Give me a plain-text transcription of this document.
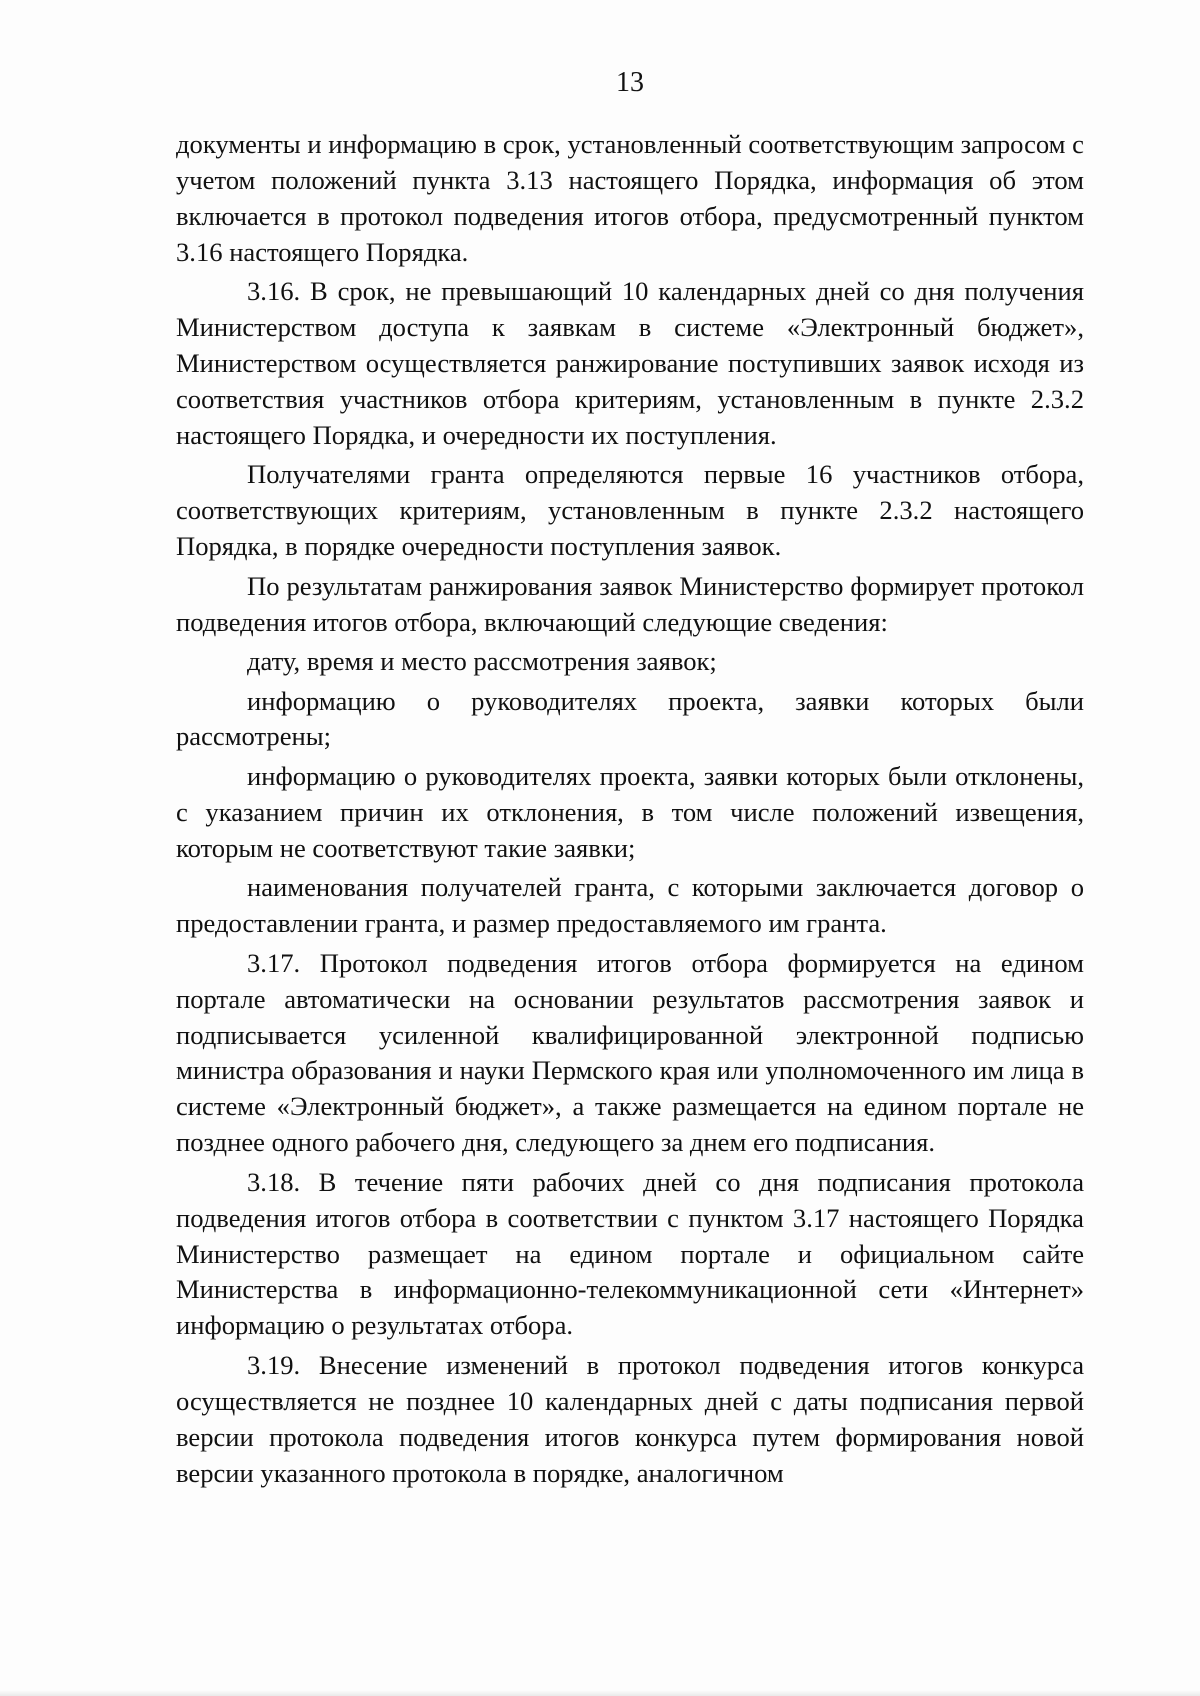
13

документы и информацию в срок, установленный соответствующим запросом с учетом положений пункта 3.13 настоящего Порядка, информация об этом включается в протокол подведения итогов отбора, предусмотренный пунктом 3.16 настоящего Порядка.

3.16. В срок, не превышающий 10 календарных дней со дня получения Министерством доступа к заявкам в системе «Электронный бюджет», Министерством осуществляется ранжирование поступивших заявок исходя из соответствия участников отбора критериям, установленным в пункте 2.3.2 настоящего Порядка, и очередности их поступления.

Получателями гранта определяются первые 16 участников отбора, соответствующих критериям, установленным в пункте 2.3.2 настоящего Порядка, в порядке очередности поступления заявок.

По результатам ранжирования заявок Министерство формирует протокол подведения итогов отбора, включающий следующие сведения:

дату, время и место рассмотрения заявок;

информацию о руководителях проекта, заявки которых были рассмотрены;

информацию о руководителях проекта, заявки которых были отклонены, с указанием причин их отклонения, в том числе положений извещения, которым не соответствуют такие заявки;

наименования получателей гранта, с которыми заключается договор о предоставлении гранта, и размер предоставляемого им гранта.

3.17. Протокол подведения итогов отбора формируется на едином портале автоматически на основании результатов рассмотрения заявок и подписывается усиленной квалифицированной электронной подписью министра образования и науки Пермского края или уполномоченного им лица в системе «Электронный бюджет», а также размещается на едином портале не позднее одного рабочего дня, следующего за днем его подписания.

3.18. В течение пяти рабочих дней со дня подписания протокола подведения итогов отбора в соответствии с пунктом 3.17 настоящего Порядка Министерство размещает на едином портале и официальном сайте Министерства в информационно-телекоммуникационной сети «Интернет» информацию о результатах отбора.

3.19. Внесение изменений в протокол подведения итогов конкурса осуществляется не позднее 10 календарных дней с даты подписания первой версии протокола подведения итогов конкурса путем формирования новой версии указанного протокола в порядке, аналогичном
